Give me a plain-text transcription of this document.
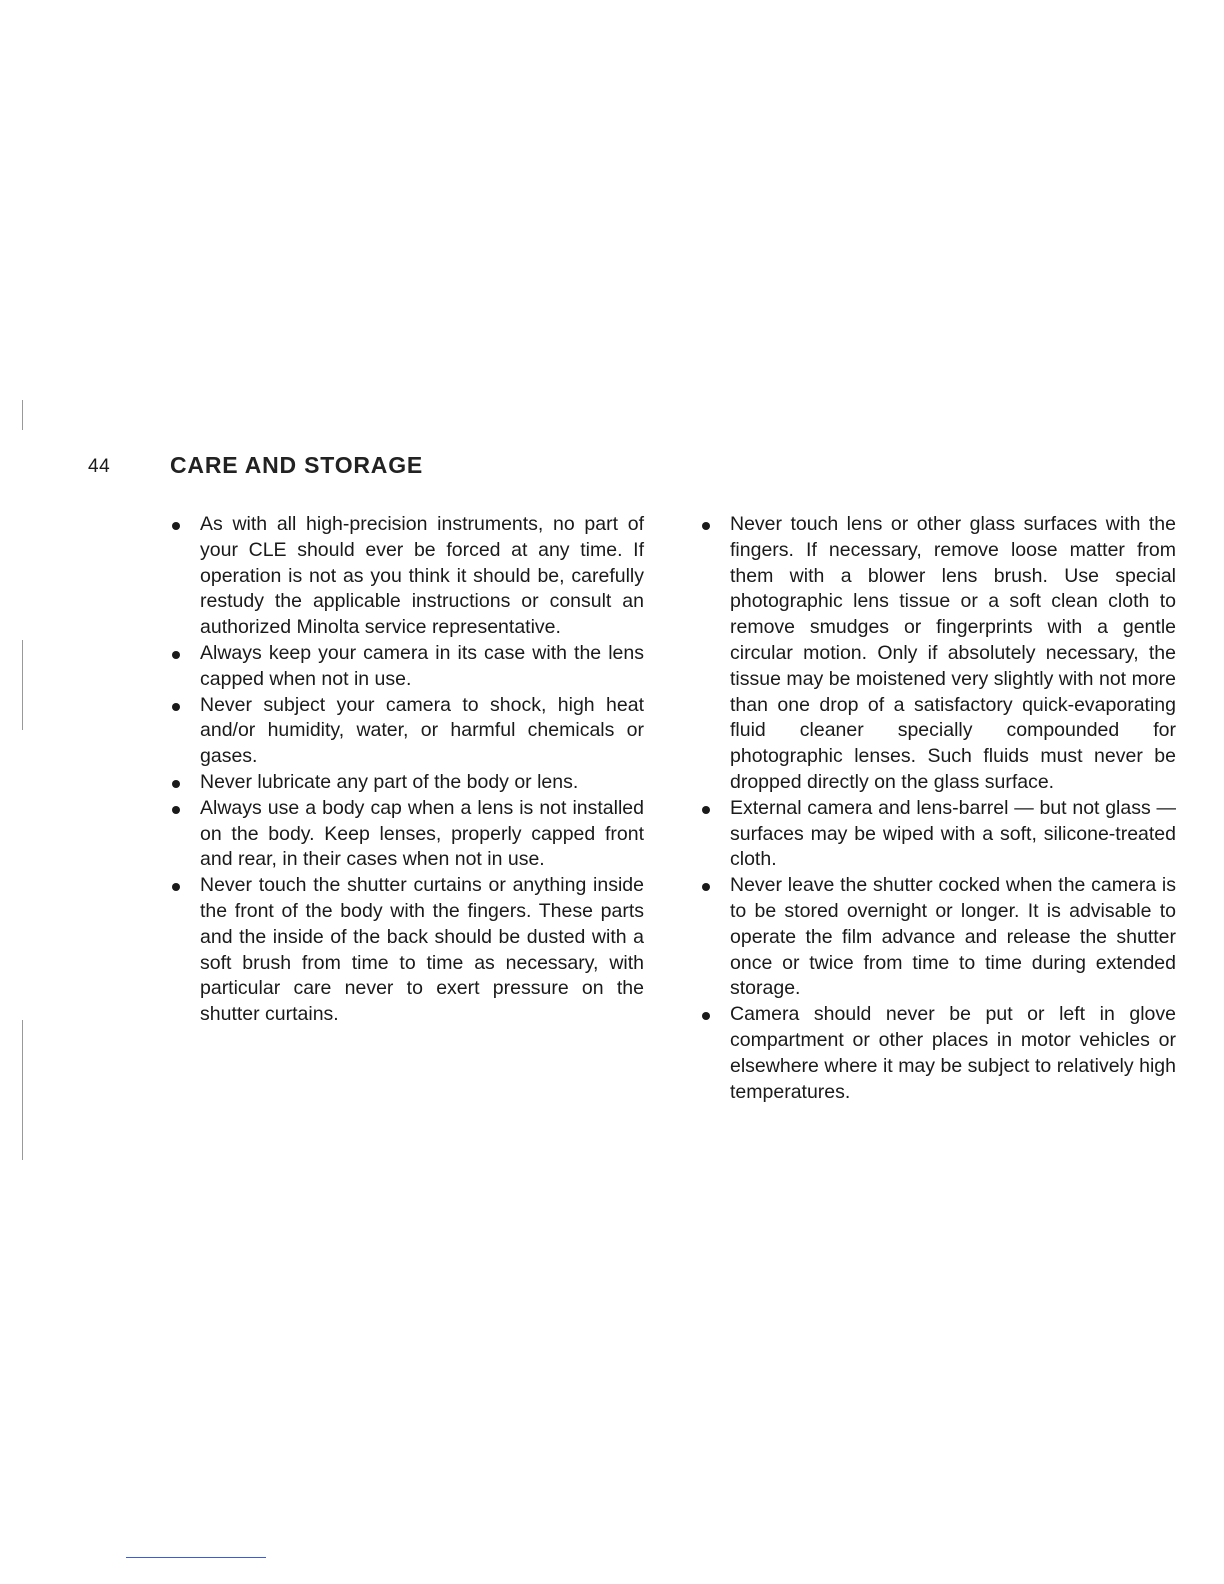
44	CARE AND STORAGE
As with all high-precision instruments, no part of your CLE should ever be forced at any time. If operation is not as you think it should be, carefully restudy the applicable instructions or consult an authorized Minolta service representative.
Always keep your camera in its case with the lens capped when not in use.
Never subject your camera to shock, high heat and/or humidity, water, or harmful chemicals or gases.
Never lubricate any part of the body or lens.
Always use a body cap when a lens is not installed on the body. Keep lenses, properly capped front and rear, in their cases when not in use.
Never touch the shutter curtains or anything inside the front of the body with the fingers. These parts and the inside of the back should be dusted with a soft brush from time to time as necessary, with particular care never to exert pressure on the shutter curtains.
Never touch lens or other glass surfaces with the fingers. If necessary, remove loose matter from them with a blower lens brush. Use special photographic lens tissue or a soft clean cloth to remove smudges or fingerprints with a gentle circular motion. Only if absolutely necessary, the tissue may be moistened very slightly with not more than one drop of a satisfactory quick-evaporating fluid cleaner specially compounded for photographic lenses. Such fluids must never be dropped directly on the glass surface.
External camera and lens-barrel — but not glass — surfaces may be wiped with a soft, silicone-treated cloth.
Never leave the shutter cocked when the camera is to be stored overnight or longer. It is advisable to operate the film advance and release the shutter once or twice from time to time during extended storage.
Camera should never be put or left in glove compartment or other places in motor vehicles or elsewhere where it may be subject to relatively high temperatures.
